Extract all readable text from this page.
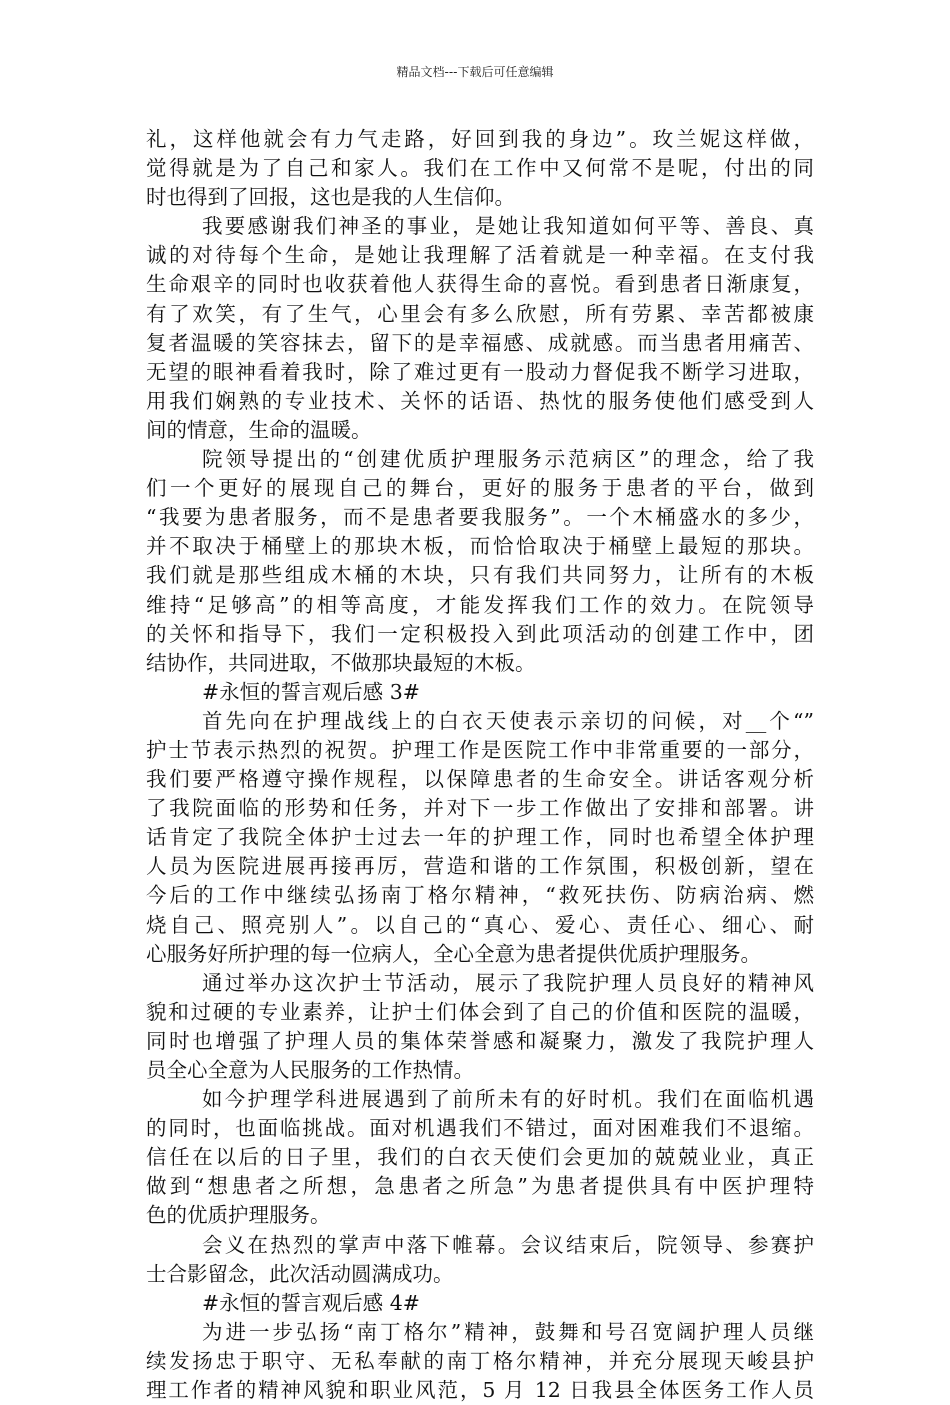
精品文档---下载后可任意编辑
礼，这样他就会有力气走路，好回到我的身边”。玫兰妮这样做，
觉得就是为了自己和家人。我们在工作中又何常不是呢，付出的同
时也得到了回报，这也是我的人生信仰。
我要感谢我们神圣的事业，是她让我知道如何平等、善良、真
诚的对待每个生命，是她让我理解了活着就是一种幸福。在支付我
生命艰辛的同时也收获着他人获得生命的喜悦。看到患者日渐康复，
有了欢笑，有了生气，心里会有多么欣慰，所有劳累、幸苦都被康
复者温暖的笑容抹去，留下的是幸福感、成就感。而当患者用痛苦、
无望的眼神看着我时，除了难过更有一股动力督促我不断学习进取，
用我们娴熟的专业技术、关怀的话语、热忱的服务使他们感受到人
间的情意，生命的温暖。
院领导提出的“创建优质护理服务示范病区”的理念，给了我
们一个更好的展现自己的舞台，更好的服务于患者的平台，做到
“我要为患者服务，而不是患者要我服务”。一个木桶盛水的多少，
并不取决于桶壁上的那块木板，而恰恰取决于桶壁上最短的那块。
我们就是那些组成木桶的木块，只有我们共同努力，让所有的木板
维持“足够高”的相等高度，才能发挥我们工作的效力。在院领导
的关怀和指导下，我们一定积极投入到此项活动的创建工作中，团
结协作，共同进取，不做那块最短的木板。
#永恒的誓言观后感 3#
首先向在护理战线上的白衣天使表示亲切的问候，对__个“”
护士节表示热烈的祝贺。护理工作是医院工作中非常重要的一部分，
我们要严格遵守操作规程，以保障患者的生命安全。讲话客观分析
了我院面临的形势和任务，并对下一步工作做出了安排和部署。讲
话肯定了我院全体护士过去一年的护理工作，同时也希望全体护理
人员为医院进展再接再厉，营造和谐的工作氛围，积极创新，望在
今后的工作中继续弘扬南丁格尔精神，“救死扶伤、防病治病、燃
烧自己、照亮别人”。以自己的“真心、爱心、责任心、细心、耐
心服务好所护理的每一位病人，全心全意为患者提供优质护理服务。
通过举办这次护士节活动，展示了我院护理人员良好的精神风
貌和过硬的专业素养，让护士们体会到了自己的价值和医院的温暖，
同时也增强了护理人员的集体荣誉感和凝聚力，激发了我院护理人
员全心全意为人民服务的工作热情。
如今护理学科进展遇到了前所未有的好时机。我们在面临机遇
的同时，也面临挑战。面对机遇我们不错过，面对困难我们不退缩。
信任在以后的日子里，我们的白衣天使们会更加的兢兢业业，真正
做到“想患者之所想，急患者之所急”为患者提供具有中医护理特
色的优质护理服务。
会义在热烈的掌声中落下帷幕。会议结束后，院领导、参赛护
士合影留念，此次活动圆满成功。
#永恒的誓言观后感 4#
为进一步弘扬“南丁格尔”精神，鼓舞和号召宽阔护理人员继
续发扬忠于职守、无私奉献的南丁格尔精神，并充分展现天峻县护
理工作者的精神风貌和职业风范，5 月 12 日我县全体医务工作人员
